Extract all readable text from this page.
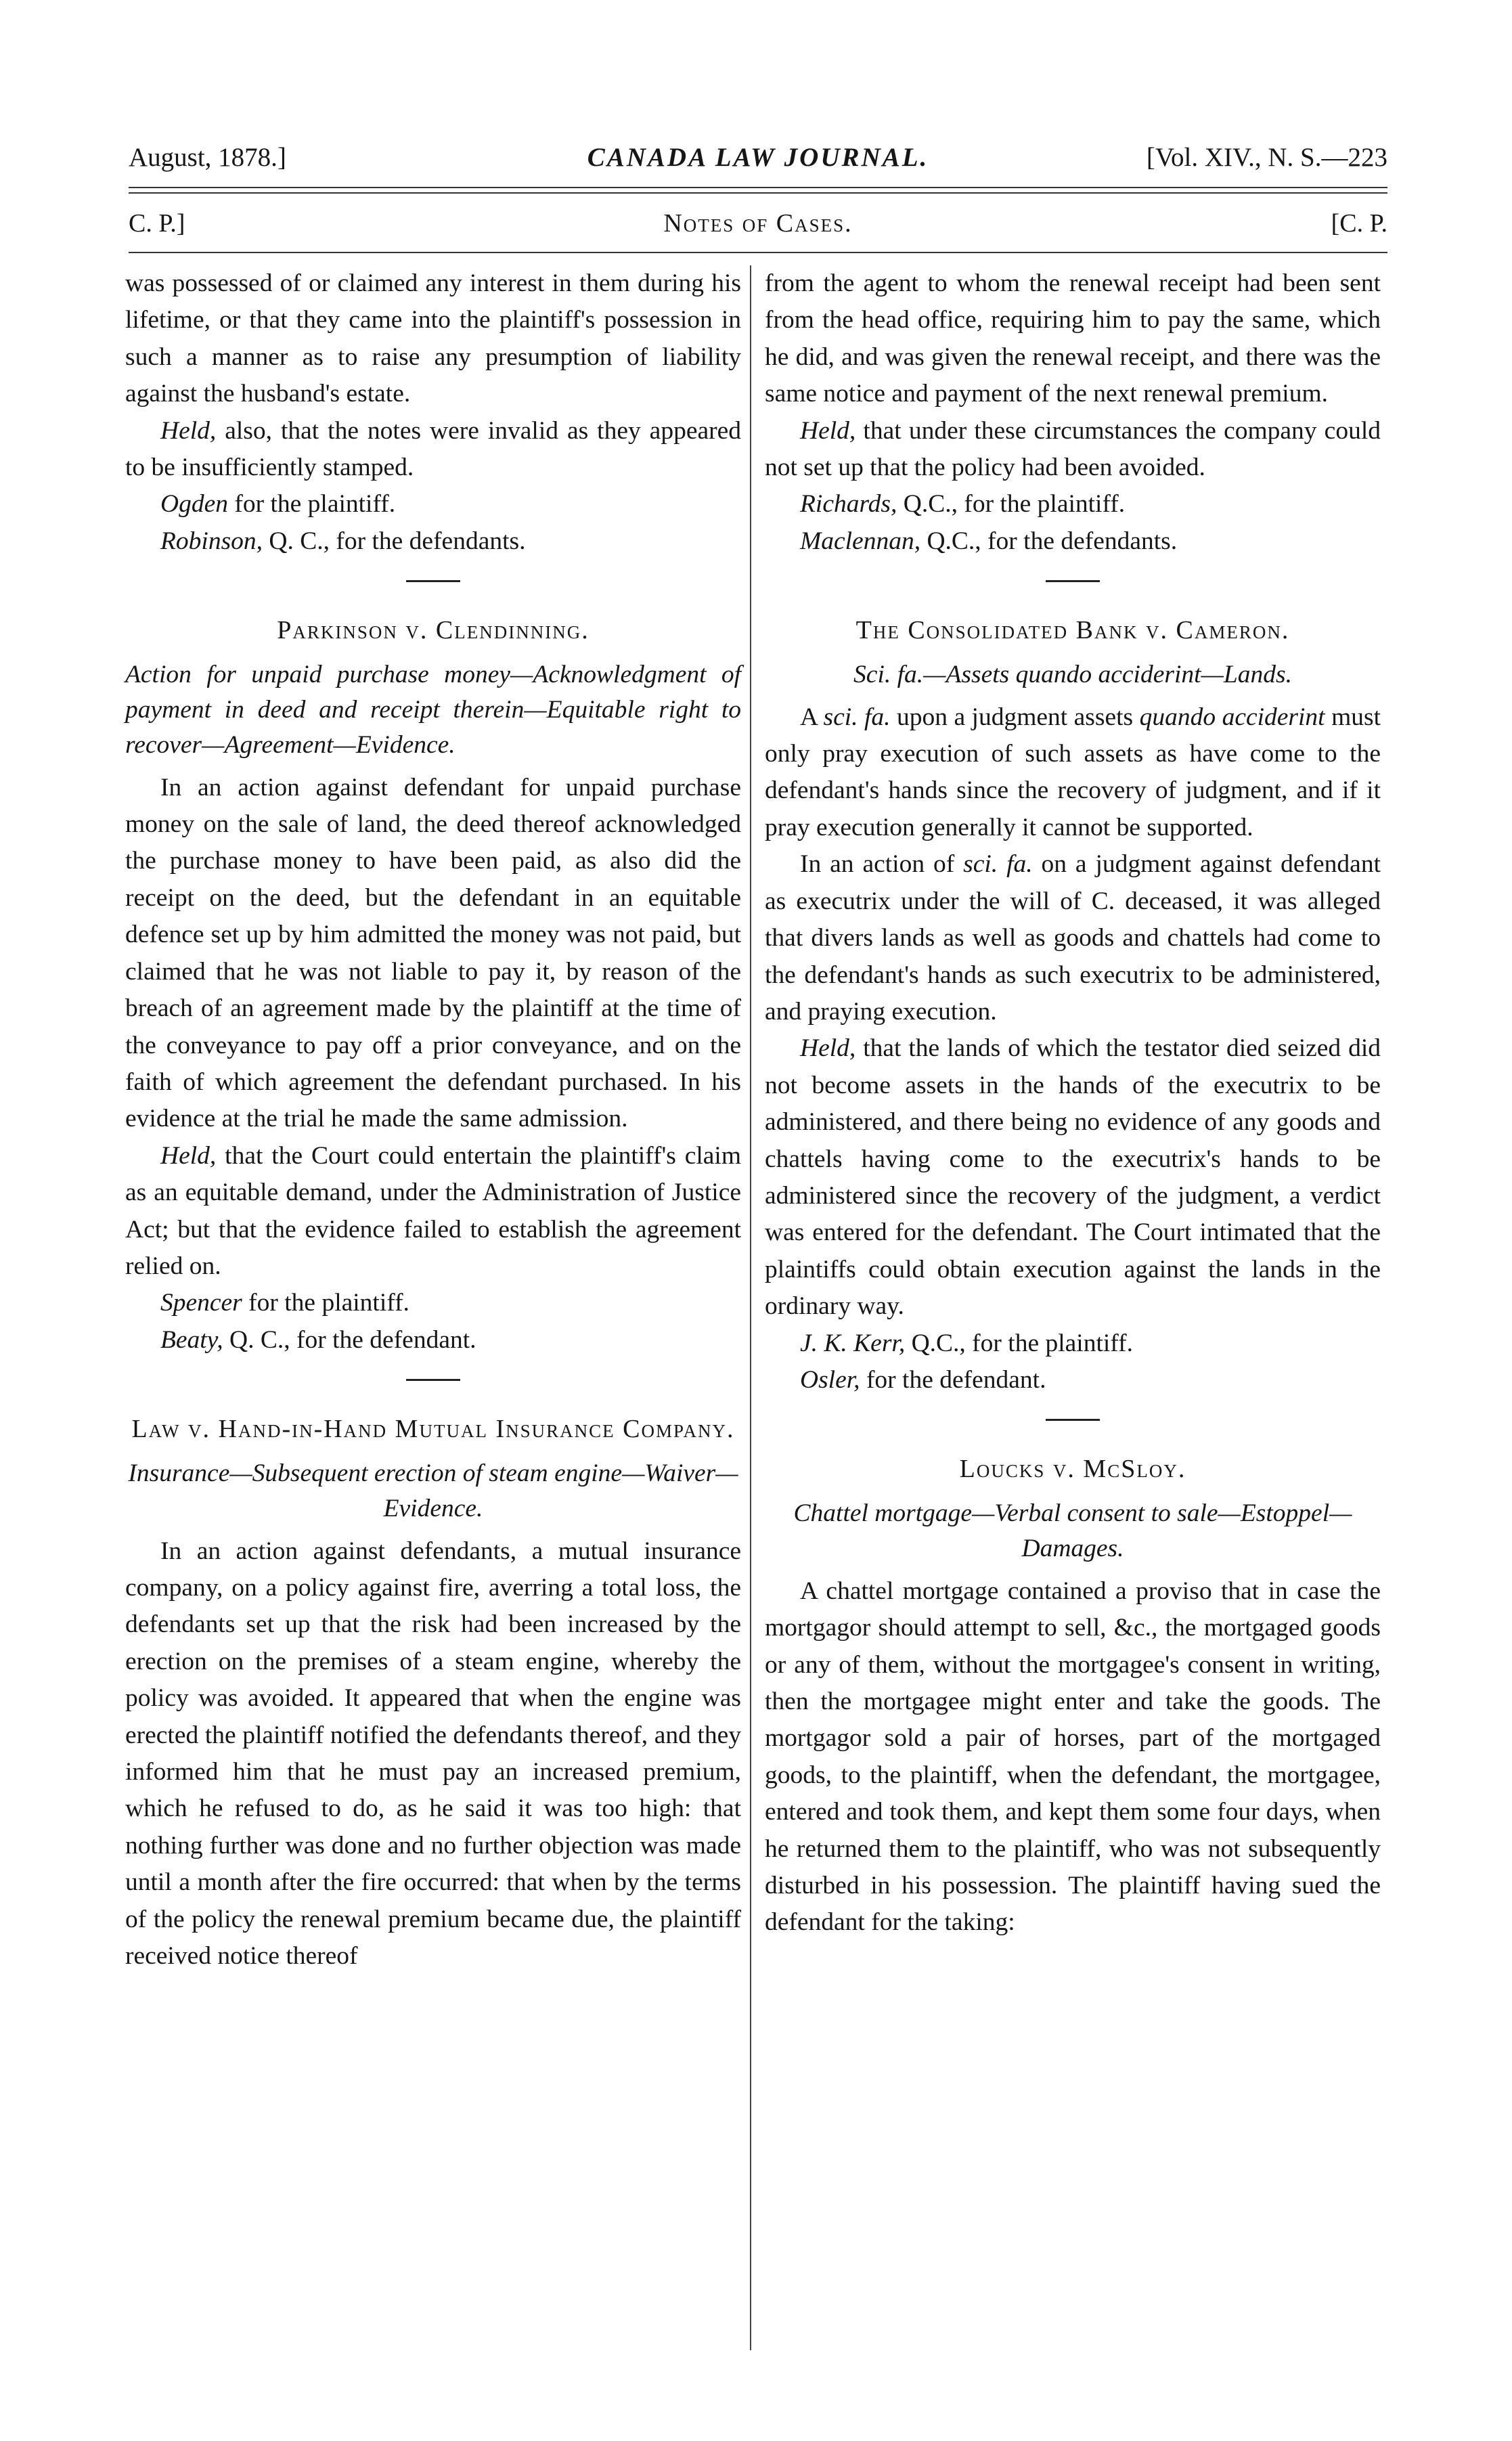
August, 1878.]	CANADA LAW JOURNAL.	[Vol. XIV., N. S.—223
C. P.]	Notes of Cases.	[C. P.

was possessed of or claimed any interest in them during his lifetime, or that they came into the plaintiff's possession in such a manner as to raise any presumption of liability against the husband's estate.

Held, also, that the notes were invalid as they appeared to be insufficiently stamped.

Ogden for the plaintiff.

Robinson, Q. C., for the defendants.

Parkinson v. Clendinning.

Action for unpaid purchase money—Acknowledgment of payment in deed and receipt therein—Equitable right to recover—Agreement—Evidence.

In an action against defendant for unpaid purchase money on the sale of land, the deed thereof acknowledged the purchase money to have been paid, as also did the receipt on the deed, but the defendant in an equitable defence set up by him admitted the money was not paid, but claimed that he was not liable to pay it, by reason of the breach of an agreement made by the plaintiff at the time of the conveyance to pay off a prior conveyance, and on the faith of which agreement the defendant purchased. In his evidence at the trial he made the same admission.

Held, that the Court could entertain the plaintiff's claim as an equitable demand, under the Administration of Justice Act; but that the evidence failed to establish the agreement relied on.

Spencer for the plaintiff.

Beaty, Q. C., for the defendant.

Law v. Hand-in-Hand Mutual Insurance Company.

Insurance—Subsequent erection of steam engine—Waiver—Evidence.

In an action against defendants, a mutual insurance company, on a policy against fire, averring a total loss, the defendants set up that the risk had been increased by the erection on the premises of a steam engine, whereby the policy was avoided. It appeared that when the engine was erected the plaintiff notified the defendants thereof, and they informed him that he must pay an increased premium, which he refused to do, as he said it was too high: that nothing further was done and no further objection was made until a month after the fire occurred: that when by the terms of the policy the renewal premium became due, the plaintiff received notice thereof

from the agent to whom the renewal receipt had been sent from the head office, requiring him to pay the same, which he did, and was given the renewal receipt, and there was the same notice and payment of the next renewal premium.

Held, that under these circumstances the company could not set up that the policy had been avoided.

Richards, Q.C., for the plaintiff.

Maclennan, Q.C., for the defendants.

The Consolidated Bank v. Cameron.

Sci. fa.—Assets quando acciderint—Lands.

A sci. fa. upon a judgment assets quando acciderint must only pray execution of such assets as have come to the defendant's hands since the recovery of judgment, and if it pray execution generally it cannot be supported.

In an action of sci. fa. on a judgment against defendant as executrix under the will of C. deceased, it was alleged that divers lands as well as goods and chattels had come to the defendant's hands as such executrix to be administered, and praying execution.

Held, that the lands of which the testator died seized did not become assets in the hands of the executrix to be administered, and there being no evidence of any goods and chattels having come to the executrix's hands to be administered since the recovery of the judgment, a verdict was entered for the defendant. The Court intimated that the plaintiffs could obtain execution against the lands in the ordinary way.

J. K. Kerr, Q.C., for the plaintiff.

Osler, for the defendant.

Loucks v. McSloy.

Chattel mortgage—Verbal consent to sale—Estoppel—Damages.

A chattel mortgage contained a proviso that in case the mortgagor should attempt to sell, &c., the mortgaged goods or any of them, without the mortgagee's consent in writing, then the mortgagee might enter and take the goods. The mortgagor sold a pair of horses, part of the mortgaged goods, to the plaintiff, when the defendant, the mortgagee, entered and took them, and kept them some four days, when he returned them to the plaintiff, who was not subsequently disturbed in his possession. The plaintiff having sued the defendant for the taking:
